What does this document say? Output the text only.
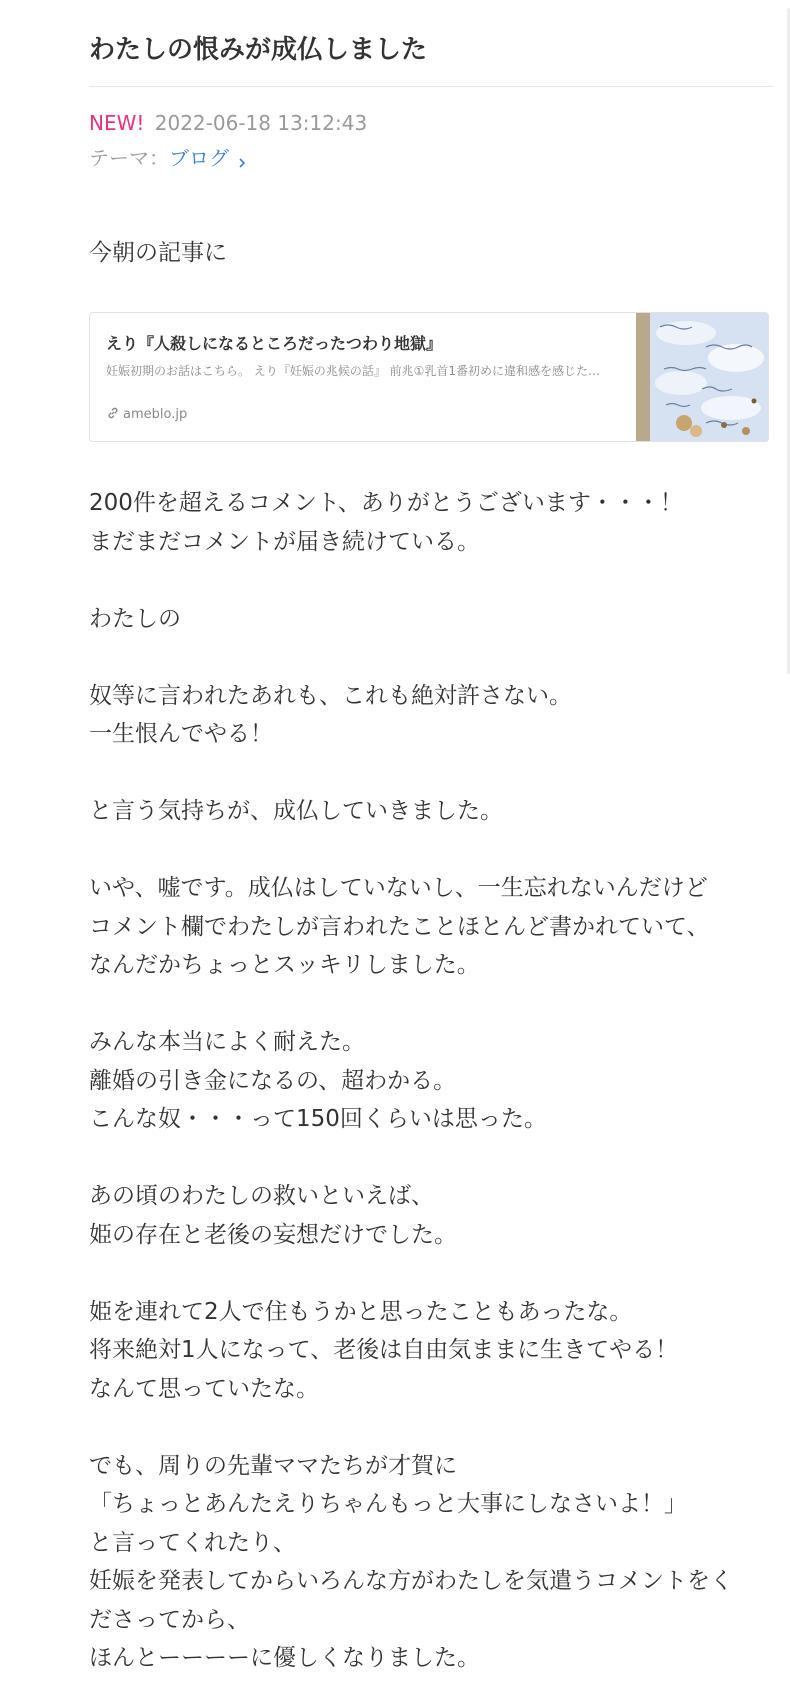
わたしの恨みが成仏しました
NEW! 2022-06-18 13:12:43
テーマ：ブログ
今朝の記事に
えり『人殺しになるところだったつわり地獄』
妊娠初期のお話はこちら。 えり『妊娠の兆候の話』 前兆①乳首1番初めに違和感を感じた…
ameblo.jp
200件を超えるコメント、ありがとうございます・・・！
まだまだコメントが届き続けている。
わたしの
奴等に言われたあれも、これも絶対許さない。
一生恨んでやる！
と言う気持ちが、成仏していきました。
いや、嘘です。成仏はしていないし、一生忘れないんだけど
コメント欄でわたしが言われたことほとんど書かれていて、
なんだかちょっとスッキリしました。
みんな本当によく耐えた。
離婚の引き金になるの、超わかる。
こんな奴・・・って150回くらいは思った。
あの頃のわたしの救いといえば、
姫の存在と老後の妄想だけでした。
姫を連れて2人で住もうかと思ったこともあったな。
将来絶対1人になって、老後は自由気ままに生きてやる！
なんて思っていたな。
でも、周りの先輩ママたちが才賀に
「ちょっとあんたえりちゃんもっと大事にしなさいよ！」
と言ってくれたり、
妊娠を発表してからいろんな方がわたしを気遣うコメントをく
ださってから、
ほんとーーーーに優しくなりました。
